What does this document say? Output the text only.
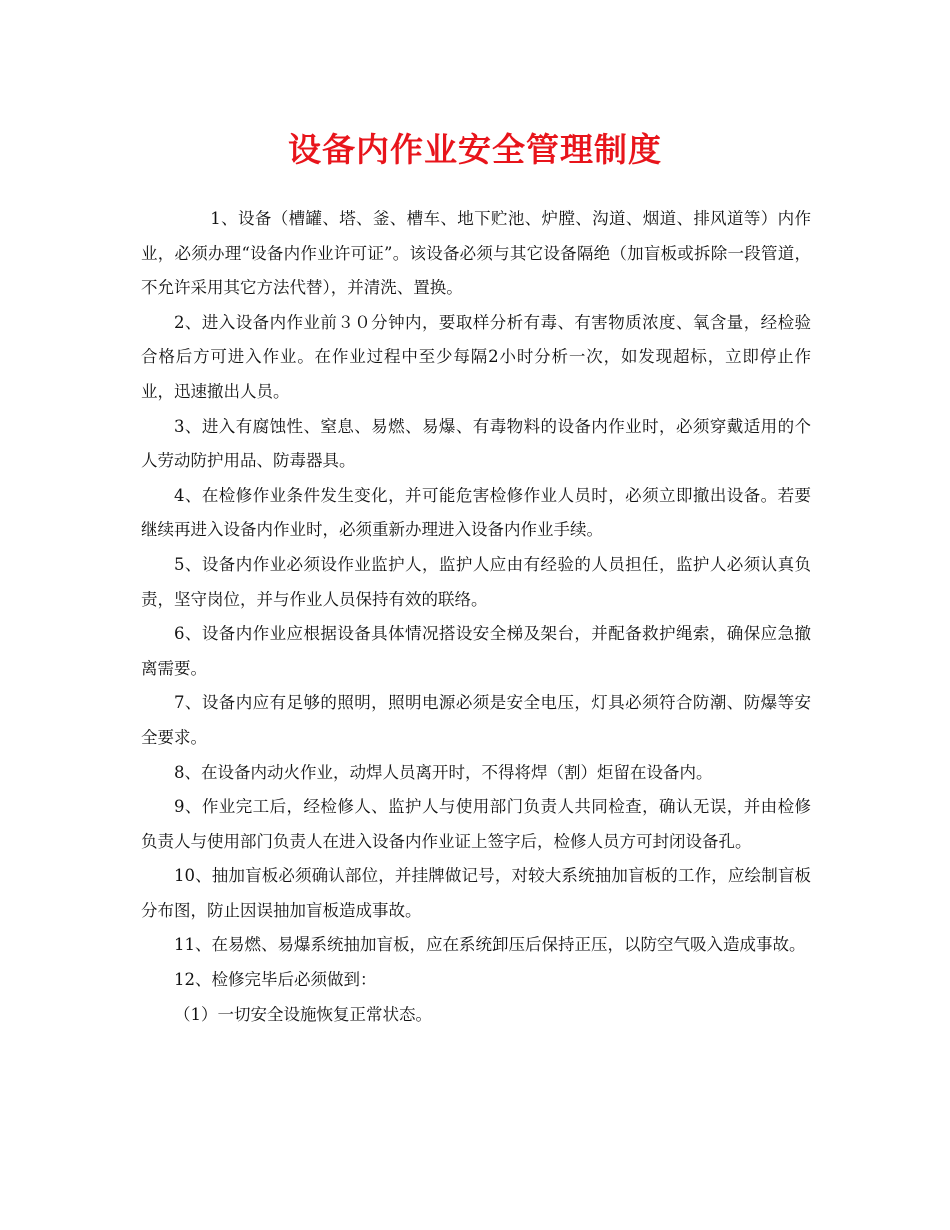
设备内作业安全管理制度

1、设备（槽罐、塔、釜、槽车、地下贮池、炉膛、沟道、烟道、排风道等）内作业，必须办理“设备内作业许可证”。该设备必须与其它设备隔绝（加盲板或拆除一段管道，不允许采用其它方法代替），并清洗、置换。

2、进入设备内作业前３０分钟内，要取样分析有毒、有害物质浓度、氧含量，经检验合格后方可进入作业。在作业过程中至少每隔2小时分析一次，如发现超标，立即停止作业，迅速撤出人员。

3、进入有腐蚀性、窒息、易燃、易爆、有毒物料的设备内作业时，必须穿戴适用的个人劳动防护用品、防毒器具。

4、在检修作业条件发生变化，并可能危害检修作业人员时，必须立即撤出设备。若要继续再进入设备内作业时，必须重新办理进入设备内作业手续。

5、设备内作业必须设作业监护人，监护人应由有经验的人员担任，监护人必须认真负责，坚守岗位，并与作业人员保持有效的联络。

6、设备内作业应根据设备具体情况搭设安全梯及架台，并配备救护绳索，确保应急撤离需要。

7、设备内应有足够的照明，照明电源必须是安全电压，灯具必须符合防潮、防爆等安全要求。

8、在设备内动火作业，动焊人员离开时，不得将焊（割）炬留在设备内。

9、作业完工后，经检修人、监护人与使用部门负责人共同检查，确认无误，并由检修负责人与使用部门负责人在进入设备内作业证上签字后，检修人员方可封闭设备孔。

10、抽加盲板必须确认部位，并挂牌做记号，对较大系统抽加盲板的工作，应绘制盲板分布图，防止因误抽加盲板造成事故。

11、在易燃、易爆系统抽加盲板，应在系统卸压后保持正压，以防空气吸入造成事故。

12、检修完毕后必须做到：

（1）一切安全设施恢复正常状态。
